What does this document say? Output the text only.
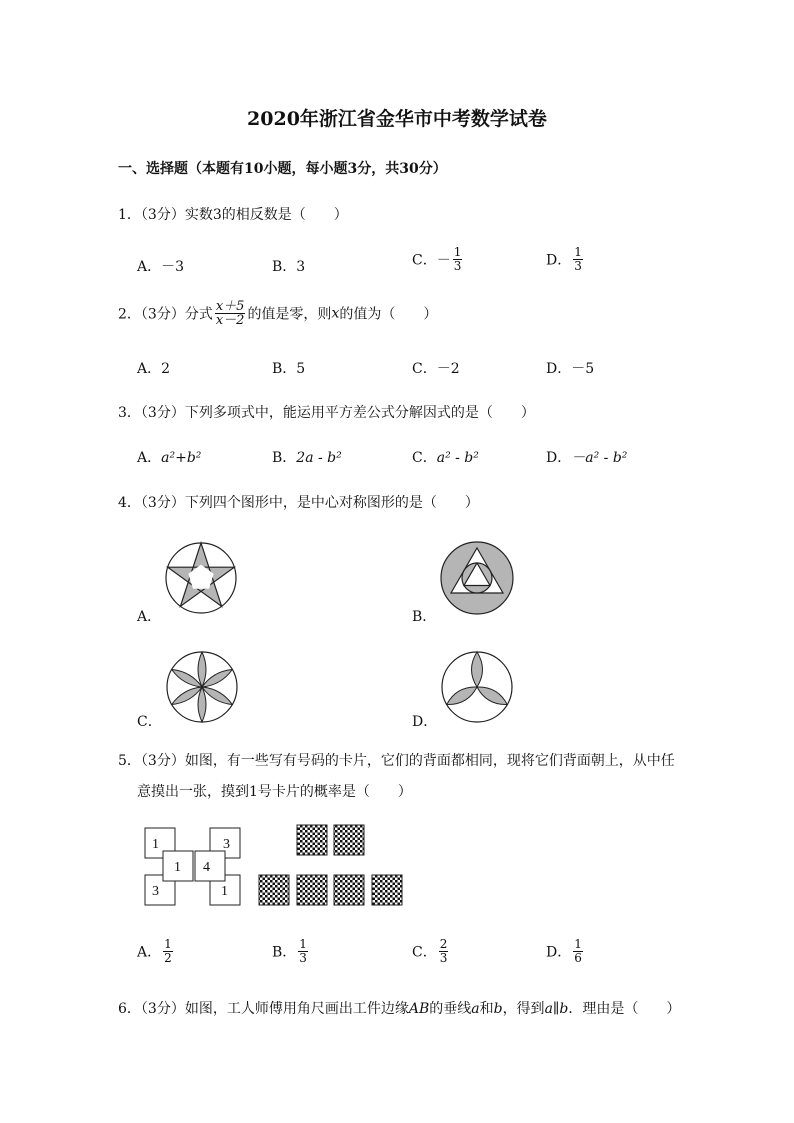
2020年浙江省金华市中考数学试卷
一、选择题（本题有10小题，每小题3分，共30分）
1．（3分）实数3的相反数是（　　）
A．－3	B．3	C．－ $\frac{1}{3}$	D． $\frac{1}{3}$
2．（3分）分式 $\frac{x+5}{x-2}$ 的值是零，则x的值为（　　）
A．2	B．5	C．－2	D．－5
3．（3分）下列多项式中，能运用平方差公式分解因式的是（　　）
A．a²+b²	B．2a - b²	C．a² - b²	D．－a² - b²
4．（3分）下列四个图形中，是中心对称图形的是（　　）
A．	B．
C．	D．
5．（3分）如图，有一些写有号码的卡片，它们的背面都相同，现将它们背面朝上，从中任
意摸出一张，摸到1号卡片的概率是（　　）
1
1
3
4
3
1
A． $\frac{1}{2}$	B． $\frac{1}{3}$	C． $\frac{2}{3}$	D． $\frac{1}{6}$
6．（3分）如图，工人师傅用角尺画出工件边缘AB的垂线a和b，得到a∥b．理由是（　　）
